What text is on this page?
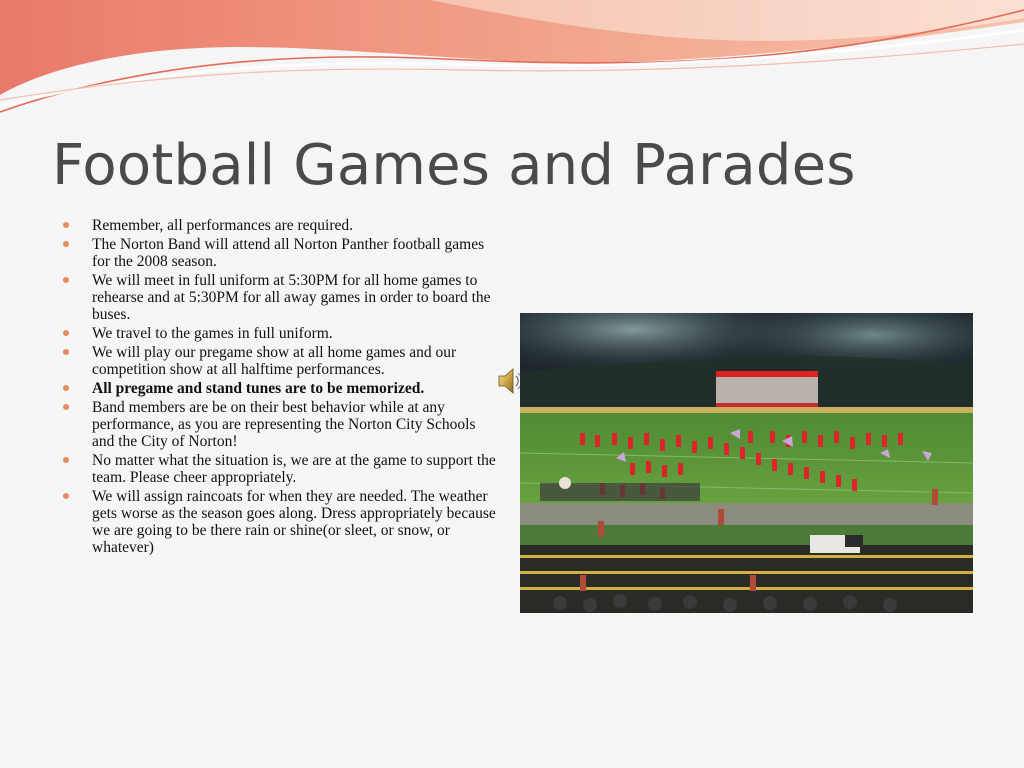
Football Games and Parades
Remember, all performances are required.
The Norton Band will attend all Norton Panther football games for the 2008 season.
We will meet in full uniform at 5:30PM for all home games to rehearse and at 5:30PM for all away games in order to board the buses.
We travel to the games in full uniform.
We will play our pregame show at all home games and our competition show at all halftime performances.
All pregame and stand tunes are to be memorized.
Band members are be on their best behavior while at any performance, as you are representing the Norton City Schools and the City of Norton!
No matter what the situation is, we are at the game to support the team. Please cheer appropriately.
We will assign raincoats for when they are needed. The weather gets worse as the season goes along. Dress appropriately because we are going to be there rain or shine(or sleet, or snow, or whatever)
